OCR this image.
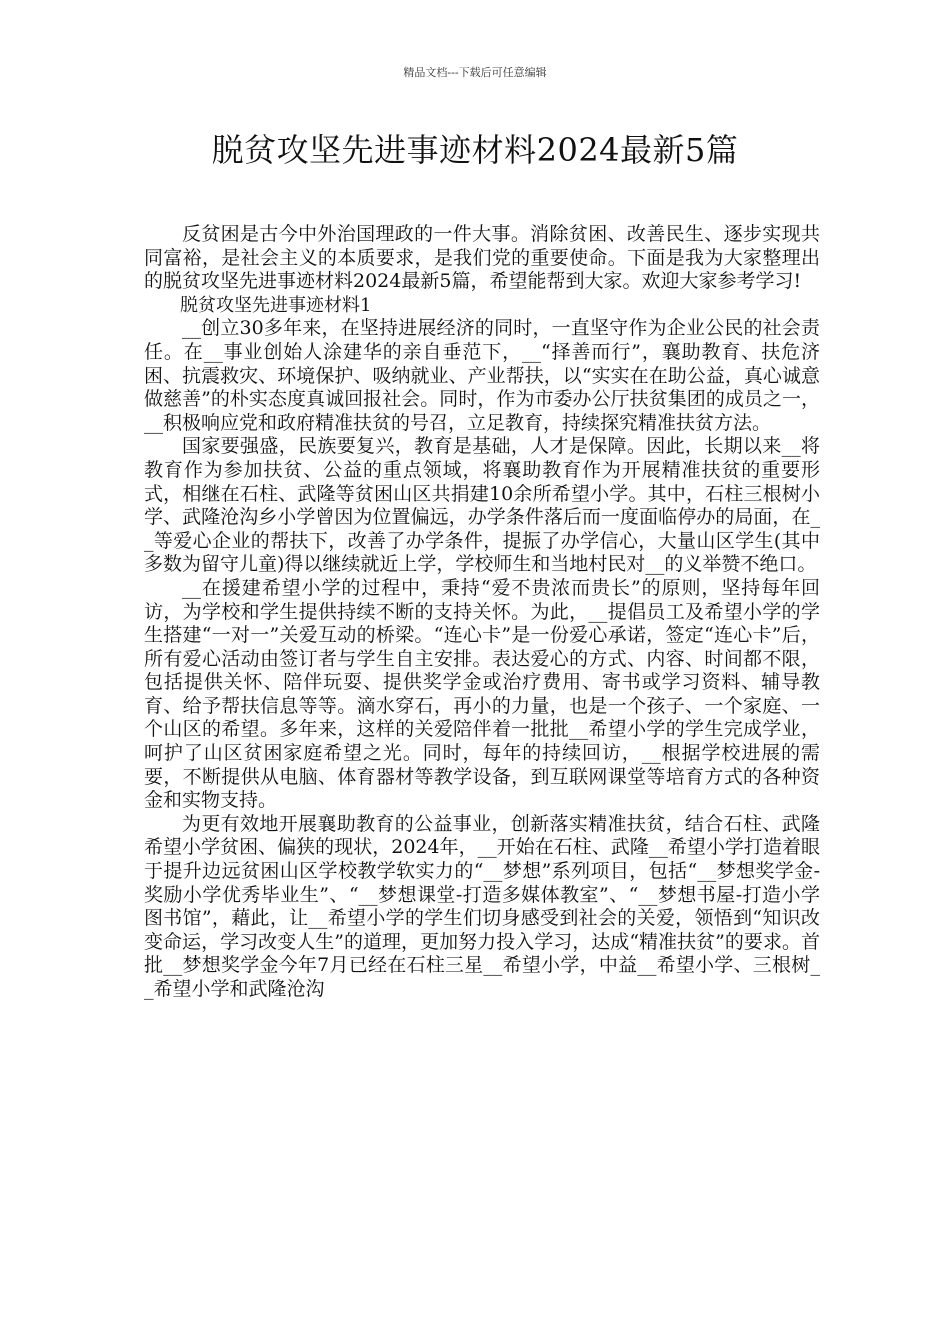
精品文档---下载后可任意编辑
脱贫攻坚先进事迹材料2024最新5篇

反贫困是古今中外治国理政的一件大事。消除贫困、改善民生、逐步实现共同富裕，是社会主义的本质要求，是我们党的重要使命。下面是我为大家整理出的脱贫攻坚先进事迹材料2024最新5篇，希望能帮到大家。欢迎大家参考学习!

脱贫攻坚先进事迹材料1

__创立30多年来，在坚持进展经济的同时，一直坚守作为企业公民的社会责任。在__事业创始人涂建华的亲自垂范下，__“择善而行”，襄助教育、扶危济困、抗震救灾、环境保护、吸纳就业、产业帮扶，以“实实在在助公益，真心诚意做慈善”的朴实态度真诚回报社会。同时，作为市委办公厅扶贫集团的成员之一，__积极响应党和政府精准扶贫的号召，立足教育，持续探究精准扶贫方法。

国家要强盛，民族要复兴，教育是基础，人才是保障。因此，长期以来__将教育作为参加扶贫、公益的重点领域，将襄助教育作为开展精准扶贫的重要形式，相继在石柱、武隆等贫困山区共捐建10余所希望小学。其中，石柱三根树小学、武隆沧沟乡小学曾因为位置偏远，办学条件落后而一度面临停办的局面，在__等爱心企业的帮扶下，改善了办学条件，提振了办学信心，大量山区学生(其中多数为留守儿童)得以继续就近上学，学校师生和当地村民对__的义举赞不绝口。

__在援建希望小学的过程中，秉持“爱不贵浓而贵长”的原则，坚持每年回访，为学校和学生提供持续不断的支持关怀。为此，__提倡员工及希望小学的学生搭建“一对一”关爱互动的桥梁。“连心卡”是一份爱心承诺，签定“连心卡”后，所有爱心活动由签订者与学生自主安排。表达爱心的方式、内容、时间都不限，包括提供关怀、陪伴玩耍、提供奖学金或治疗费用、寄书或学习资料、辅导教育、给予帮扶信息等等。滴水穿石，再小的力量，也是一个孩子、一个家庭、一个山区的希望。多年来，这样的关爱陪伴着一批批__希望小学的学生完成学业，呵护了山区贫困家庭希望之光。同时，每年的持续回访，__根据学校进展的需要，不断提供从电脑、体育器材等教学设备，到互联网课堂等培育方式的各种资金和实物支持。

为更有效地开展襄助教育的公益事业，创新落实精准扶贫，结合石柱、武隆希望小学贫困、偏狭的现状，2024年，__开始在石柱、武隆__希望小学打造着眼于提升边远贫困山区学校教学软实力的“__梦想”系列项目，包括“__梦想奖学金-奖励小学优秀毕业生”、“__梦想课堂-打造多媒体教室”、“__梦想书屋-打造小学图书馆”，藉此，让__希望小学的学生们切身感受到社会的关爱，领悟到“知识改变命运，学习改变人生”的道理，更加努力投入学习，达成“精准扶贫”的要求。首批__梦想奖学金今年7月已经在石柱三星__希望小学，中益__希望小学、三根树__希望小学和武隆沧沟
